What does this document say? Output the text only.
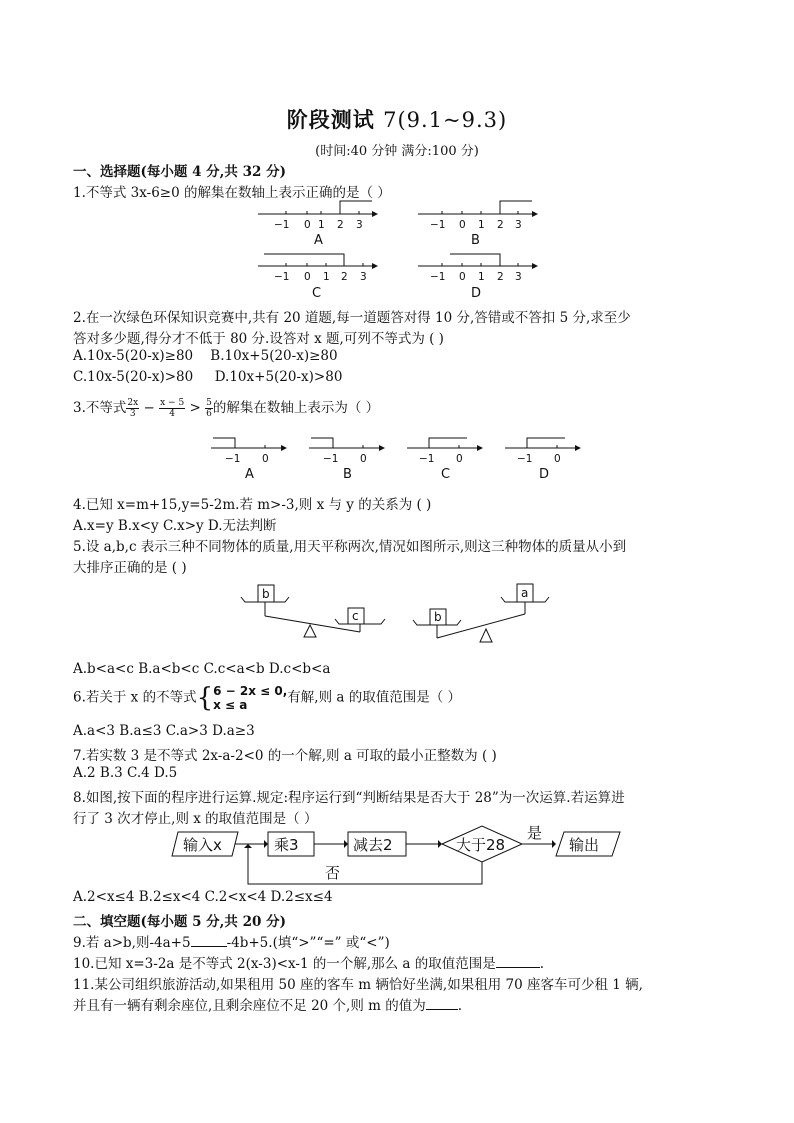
阶段测试 7(9.1~9.3)
(时间:40 分钟 满分:100 分)
一、选择题(每小题 4 分,共 32 分)
1.不等式 3x-6≥0 的解集在数轴上表示正确的是（ ）
−1 0 1 2 3	−1 0 1 2 3
−1 0 1 2 3	−1 0 1 2 3
A	B
C	D
2.在一次绿色环保知识竞赛中,共有 20 道题,每一道题答对得 10 分,答错或不答扣 5 分,求至少
答对多少题,得分才不低于 80 分.设答对 x 题,可列不等式为 ( )
A.10x-5(20-x)≥80 B.10x+5(20-x)≥80
C.10x-5(20-x)>80 D.10x+5(20-x)>80
3.不等式 $\frac{2x}{3} - \frac{x - 5}{4} > \frac{5}{6}$ 的解集在数轴上表示为（ ）
−1 0	−1 0	−1 0	−1 0
A	B	C	D
4.已知 x=m+15,y=5-2m.若 m>-3,则 x 与 y 的关系为 ( )
A.x=y B.x<y C.x>y D.无法判断
5.设 a,b,c 表示三种不同物体的质量,用天平称两次,情况如图所示,则这三种物体的质量从小到
大排序正确的是 ( )
b
c	b
a
A.b<a<c B.a<b<c C.c<a<b D.c<b<a
6.若关于 x 的不等式{ 6 − 2x ≤ 0,
x ≤ a	有解,则 a 的取值范围是（ ）
A.a<3 B.a≤3 C.a>3 D.a≥3
7.若实数 3 是不等式 2x-a-2<0 的一个解,则 a 可取的最小正整数为 ( )
A.2 B.3 C.4 D.5
8.如图,按下面的程序进行运算.规定:程序运行到“判断结果是否大于 28”为一次运算.若运算进
行了 3 次才停止,则 x 的取值范围是（ ）
输入x	乘3	减去2	大于28
是
输出
否
A.2<x≤4 B.2≤x<4 C.2<x<4 D.2≤x≤4
二、填空题(每小题 5 分,共 20 分)
9.若 a>b,则-4a+5	-4b+5.(填“>”“=” 或“<”)
10.已知 x=3-2a 是不等式 2(x-3)<x-1 的一个解,那么 a 的取值范围是	.
11.某公司组织旅游活动,如果租用 50 座的客车 m 辆恰好坐满,如果租用 70 座客车可少租 1 辆,
并且有一辆有剩余座位,且剩余座位不足 20 个,则 m 的值为 .
